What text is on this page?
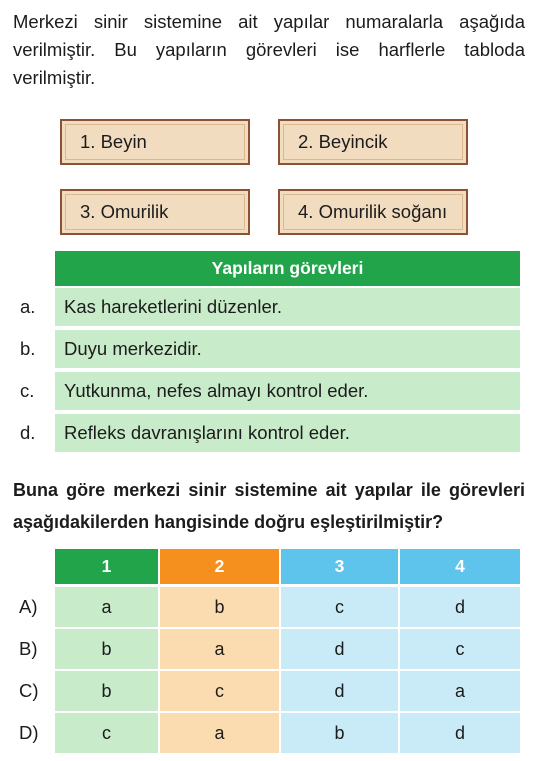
Merkezi sinir sistemine ait yapılar numaralarla aşağıda verilmiştir. Bu yapıların görevleri ise harflerle tabloda verilmiştir.

1. Beyin	2. Beyincik
3. Omurilik	4. Omurilik soğanı
Yapıların görevleri
a.	Kas hareketlerini düzenler.
b.	Duyu merkezidir.
c.	Yutkunma, nefes almayı kontrol eder.
d.	Refleks davranışlarını kontrol eder.

Buna göre merkezi sinir sistemine ait yapılar ile görevleri aşağıdakilerden hangisinde doğru eşleştirilmiştir?

1	2	3	4
A)	a	b	c	d
B)	b	a	d	c
C)	b	c	d	a
D)	c	a	b	d
